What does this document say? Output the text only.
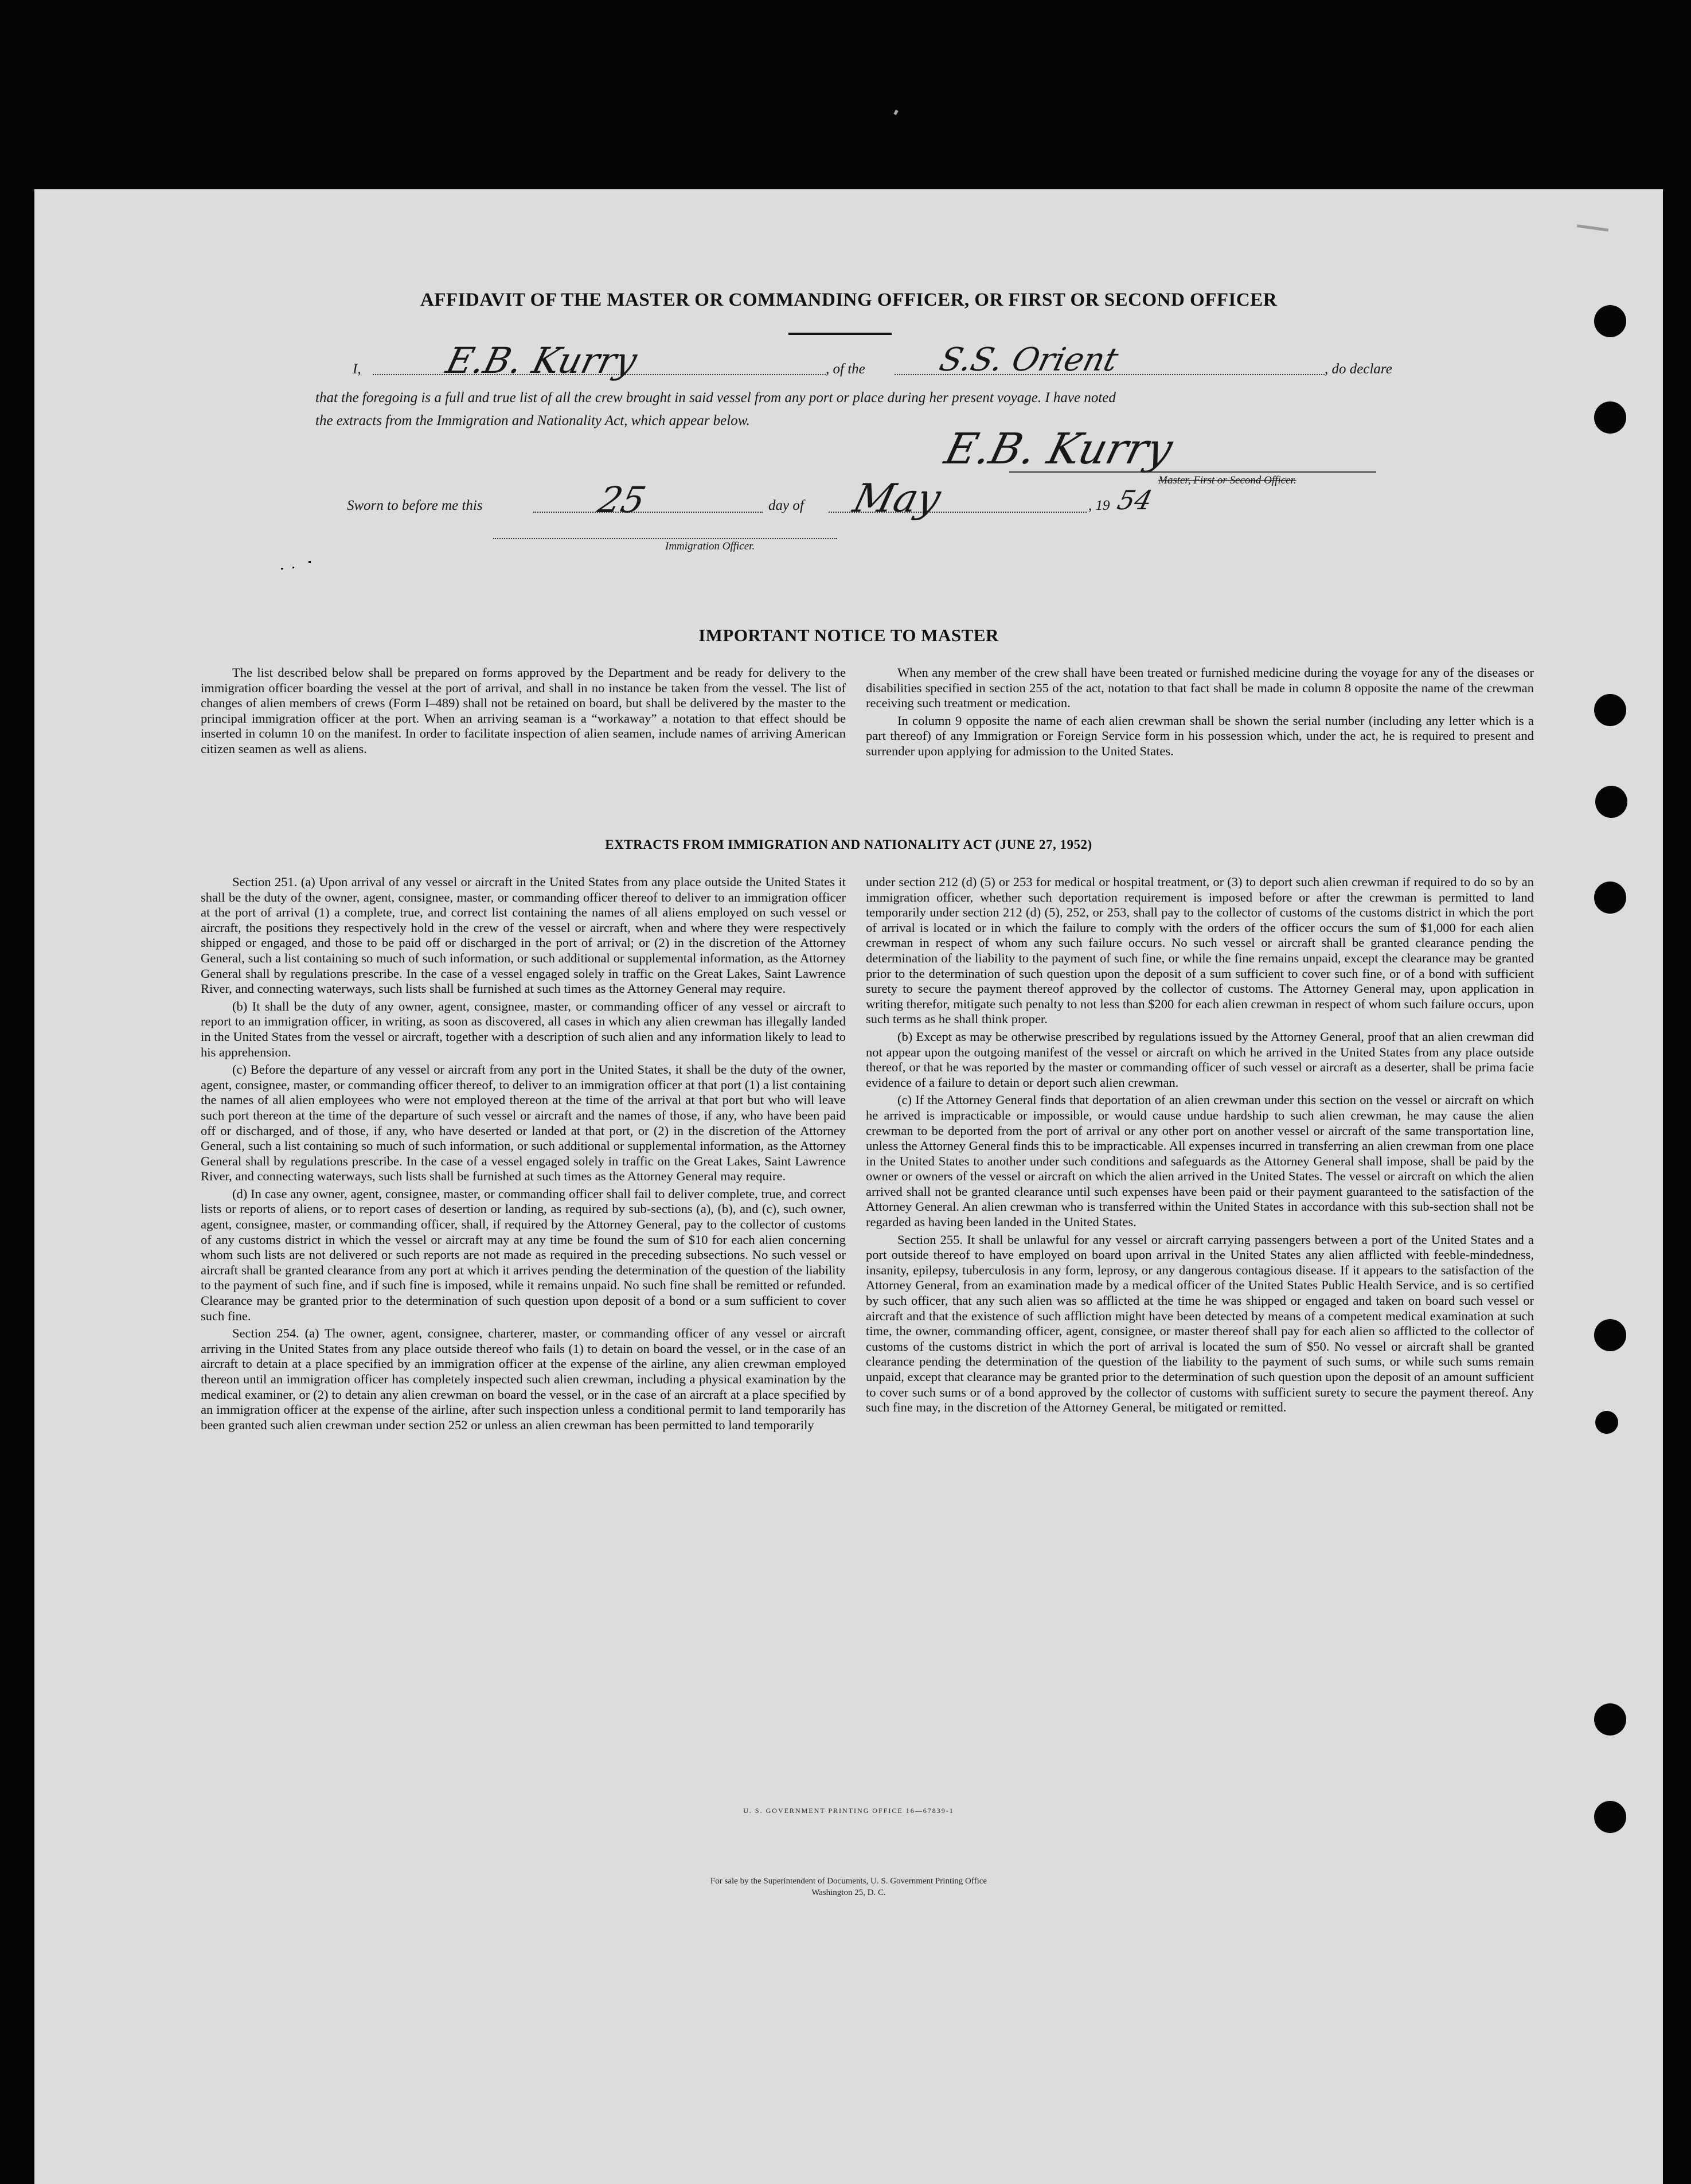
AFFIDAVIT OF THE MASTER OR COMMANDING OFFICER, OR FIRST OR SECOND OFFICER
I, E.B. Kurry	, of the S.S. Orient	, do declare
that the foregoing is a full and true list of all the crew brought in said vessel from any port or place during her present voyage. I have noted
the extracts from the Immigration and Nationality Act, which appear below.
E.B. Kurry
Master, First or Second Officer.
Sworn to before me this	25	day of May	, 19 54
Immigration Officer.
IMPORTANT NOTICE TO MASTER

The list described below shall be prepared on forms approved by the Department and be ready for delivery to the immigration officer boarding the vessel at the port of arrival, and shall in no instance be taken from the vessel. The list of changes of alien members of crews (Form I–489) shall not be retained on board, but shall be delivered by the master to the principal immigration officer at the port. When an arriving seaman is a “workaway” a notation to that effect should be inserted in column 10 on the manifest. In order to facilitate inspection of alien seamen, include names of arriving American citizen seamen as well as aliens.

When any member of the crew shall have been treated or furnished medicine during the voyage for any of the diseases or disabilities specified in section 255 of the act, notation to that fact shall be made in column 8 opposite the name of the crewman receiving such treatment or medication.

In column 9 opposite the name of each alien crewman shall be shown the serial number (including any letter which is a part thereof) of any Immigration or Foreign Service form in his possession which, under the act, he is required to present and surrender upon applying for admission to the United States.

EXTRACTS FROM IMMIGRATION AND NATIONALITY ACT (JUNE 27, 1952)

Section 251. (a) Upon arrival of any vessel or aircraft in the United States from any place outside the United States it shall be the duty of the owner, agent, consignee, master, or commanding officer thereof to deliver to an immigration officer at the port of arrival (1) a complete, true, and correct list containing the names of all aliens employed on such vessel or aircraft, the positions they respectively hold in the crew of the vessel or aircraft, when and where they were respectively shipped or engaged, and those to be paid off or discharged in the port of arrival; or (2) in the discretion of the Attorney General, such a list containing so much of such information, or such additional or supplemental information, as the Attorney General shall by regulations prescribe. In the case of a vessel engaged solely in traffic on the Great Lakes, Saint Lawrence River, and connecting waterways, such lists shall be furnished at such times as the Attorney General may require.

(b) It shall be the duty of any owner, agent, consignee, master, or commanding officer of any vessel or aircraft to report to an immigration officer, in writing, as soon as discovered, all cases in which any alien crewman has illegally landed in the United States from the vessel or aircraft, together with a description of such alien and any information likely to lead to his apprehension.

(c) Before the departure of any vessel or aircraft from any port in the United States, it shall be the duty of the owner, agent, consignee, master, or commanding officer thereof, to deliver to an immigration officer at that port (1) a list containing the names of all alien employees who were not employed thereon at the time of the arrival at that port but who will leave such port thereon at the time of the departure of such vessel or aircraft and the names of those, if any, who have been paid off or discharged, and of those, if any, who have deserted or landed at that port, or (2) in the discretion of the Attorney General, such a list containing so much of such information, or such additional or supplemental information, as the Attorney General shall by regulations prescribe. In the case of a vessel engaged solely in traffic on the Great Lakes, Saint Lawrence River, and connecting waterways, such lists shall be furnished at such times as the Attorney General may require.

(d) In case any owner, agent, consignee, master, or commanding officer shall fail to deliver complete, true, and correct lists or reports of aliens, or to report cases of desertion or landing, as required by sub-sections (a), (b), and (c), such owner, agent, consignee, master, or commanding officer, shall, if required by the Attorney General, pay to the collector of customs of any customs district in which the vessel or aircraft may at any time be found the sum of $10 for each alien concerning whom such lists are not delivered or such reports are not made as required in the preceding subsections. No such vessel or aircraft shall be granted clearance from any port at which it arrives pending the determination of the question of the liability to the payment of such fine, and if such fine is imposed, while it remains unpaid. No such fine shall be remitted or refunded. Clearance may be granted prior to the determination of such question upon deposit of a bond or a sum sufficient to cover such fine.

Section 254. (a) The owner, agent, consignee, charterer, master, or commanding officer of any vessel or aircraft arriving in the United States from any place outside thereof who fails (1) to detain on board the vessel, or in the case of an aircraft to detain at a place specified by an immigration officer at the expense of the airline, any alien crewman employed thereon until an immigration officer has completely inspected such alien crewman, including a physical examination by the medical examiner, or (2) to detain any alien crewman on board the vessel, or in the case of an aircraft at a place specified by an immigration officer at the expense of the airline, after such inspection unless a conditional permit to land temporarily has been granted such alien crewman under section 252 or unless an alien crewman has been permitted to land temporarily

under section 212 (d) (5) or 253 for medical or hospital treatment, or (3) to deport such alien crewman if required to do so by an immigration officer, whether such deportation requirement is imposed before or after the crewman is permitted to land temporarily under section 212 (d) (5), 252, or 253, shall pay to the collector of customs of the customs district in which the port of arrival is located or in which the failure to comply with the orders of the officer occurs the sum of $1,000 for each alien crewman in respect of whom any such failure occurs. No such vessel or aircraft shall be granted clearance pending the determination of the liability to the payment of such fine, or while the fine remains unpaid, except the clearance may be granted prior to the determination of such question upon the deposit of a sum sufficient to cover such fine, or of a bond with sufficient surety to secure the payment thereof approved by the collector of customs. The Attorney General may, upon application in writing therefor, mitigate such penalty to not less than $200 for each alien crewman in respect of whom such failure occurs, upon such terms as he shall think proper.

(b) Except as may be otherwise prescribed by regulations issued by the Attorney General, proof that an alien crewman did not appear upon the outgoing manifest of the vessel or aircraft on which he arrived in the United States from any place outside thereof, or that he was reported by the master or commanding officer of such vessel or aircraft as a deserter, shall be prima facie evidence of a failure to detain or deport such alien crewman.

(c) If the Attorney General finds that deportation of an alien crewman under this section on the vessel or aircraft on which he arrived is impracticable or impossible, or would cause undue hardship to such alien crewman, he may cause the alien crewman to be deported from the port of arrival or any other port on another vessel or aircraft of the same transportation line, unless the Attorney General finds this to be impracticable. All expenses incurred in transferring an alien crewman from one place in the United States to another under such conditions and safeguards as the Attorney General shall impose, shall be paid by the owner or owners of the vessel or aircraft on which the alien arrived in the United States. The vessel or aircraft on which the alien arrived shall not be granted clearance until such expenses have been paid or their payment guaranteed to the satisfaction of the Attorney General. An alien crewman who is transferred within the United States in accordance with this sub-section shall not be regarded as having been landed in the United States.

Section 255. It shall be unlawful for any vessel or aircraft carrying passengers between a port of the United States and a port outside thereof to have employed on board upon arrival in the United States any alien afflicted with feeble-mindedness, insanity, epilepsy, tuberculosis in any form, leprosy, or any dangerous contagious disease. If it appears to the satisfaction of the Attorney General, from an examination made by a medical officer of the United States Public Health Service, and is so certified by such officer, that any such alien was so afflicted at the time he was shipped or engaged and taken on board such vessel or aircraft and that the existence of such affliction might have been detected by means of a competent medical examination at such time, the owner, commanding officer, agent, consignee, or master thereof shall pay for each alien so afflicted to the collector of customs of the customs district in which the port of arrival is located the sum of $50. No vessel or aircraft shall be granted clearance pending the determination of the question of the liability to the payment of such sums, or while such sums remain unpaid, except that clearance may be granted prior to the determination of such question upon the deposit of an amount sufficient to cover such sums or of a bond approved by the collector of customs with sufficient surety to secure the payment thereof. Any such fine may, in the discretion of the Attorney General, be mitigated or remitted.

U. S. GOVERNMENT PRINTING OFFICE 16—67839-1
For sale by the Superintendent of Documents, U. S. Government Printing Office
Washington 25, D. C.
